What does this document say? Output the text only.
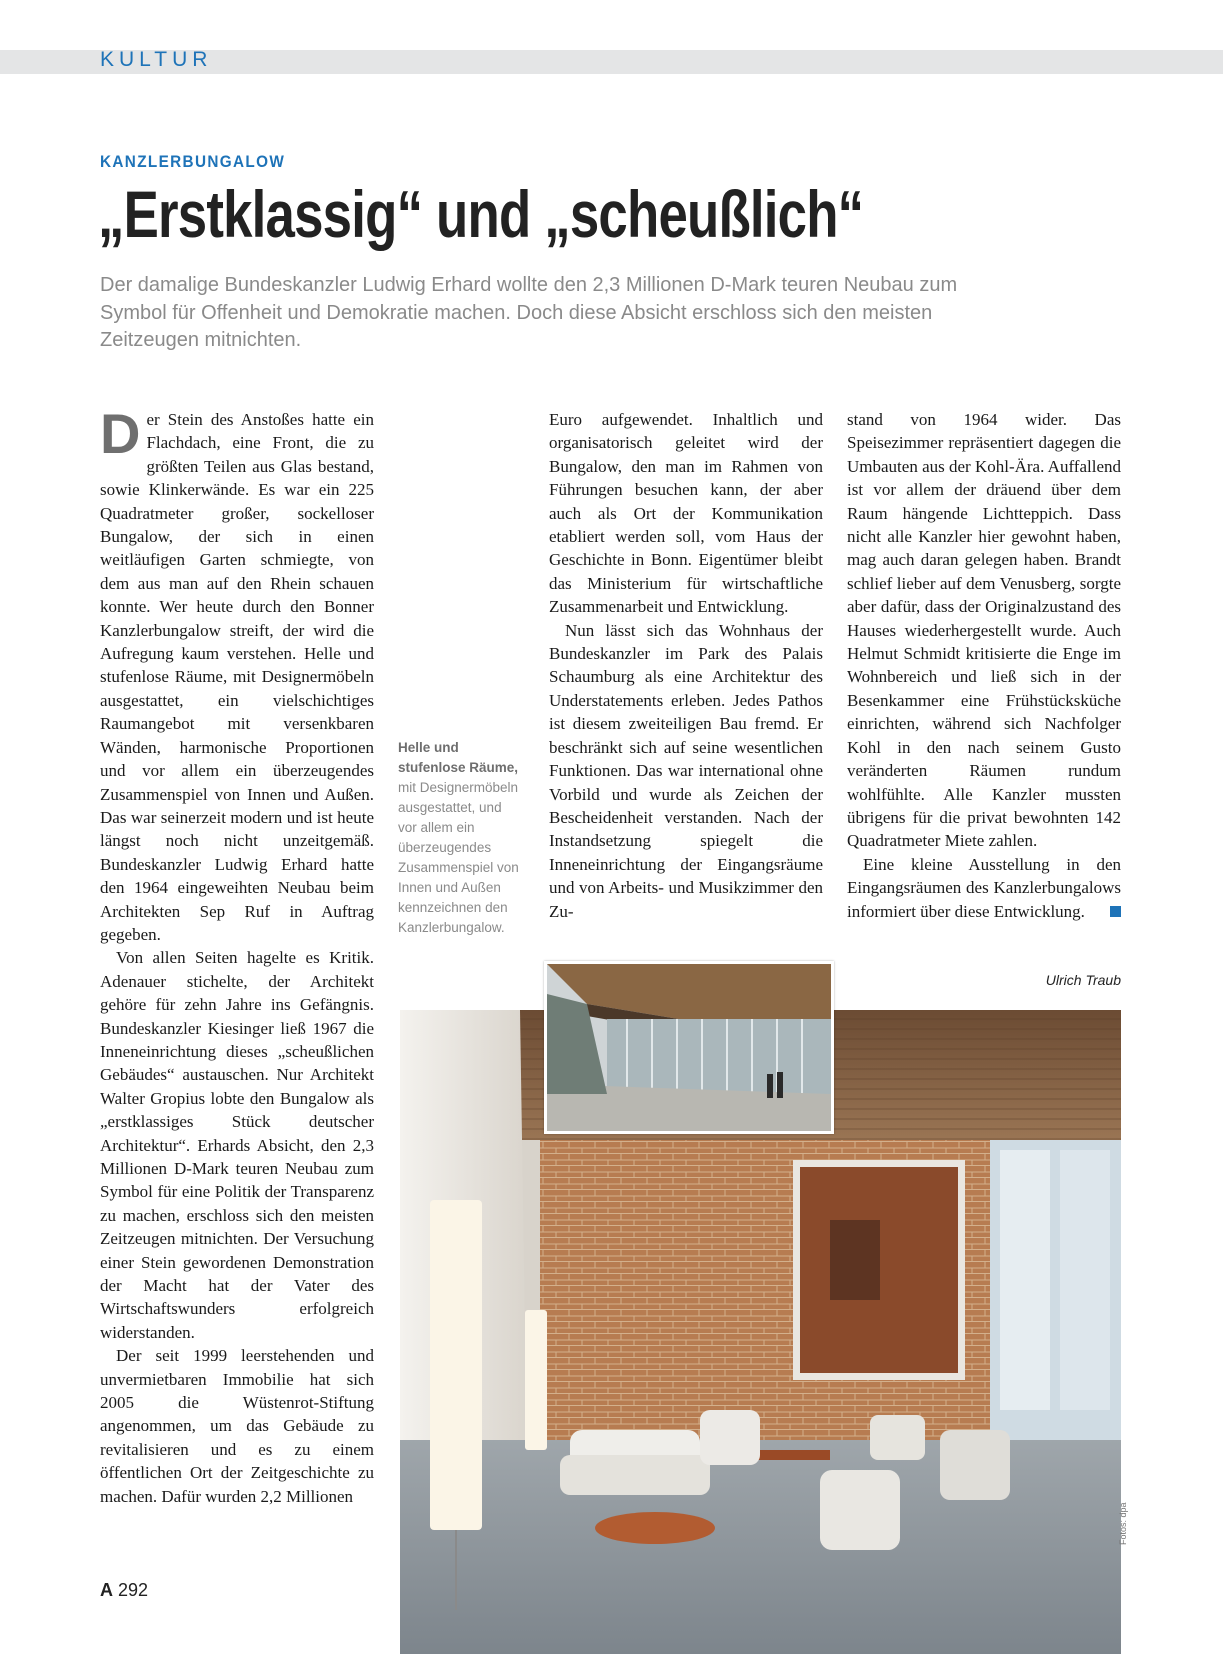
KULTUR
KANZLERBUNGALOW
„Erstklassig“ und „scheußlich“
Der damalige Bundeskanzler Ludwig Erhard wollte den 2,3 Millionen D-Mark teuren Neubau zum Symbol für Offenheit und Demokratie machen. Doch diese Absicht erschloss sich den meisten Zeitzeugen mitnichten.

Der Stein des Anstoßes hatte ein Flachdach, eine Front, die zu größten Teilen aus Glas bestand, sowie Klinkerwände. Es war ein 225 Quadratmeter großer, sockelloser Bungalow, der sich in einen weitläufigen Garten schmiegte, von dem aus man auf den Rhein schauen konnte. Wer heute durch den Bonner Kanzlerbungalow streift, der wird die Aufregung kaum verstehen. Helle und stufenlose Räume, mit Designermöbeln ausgestattet, ein vielschichtiges Raumangebot mit versenkbaren Wänden, harmonische Proportionen und vor allem ein überzeugendes Zusammenspiel von Innen und Außen. Das war seinerzeit modern und ist heute längst noch nicht unzeitgemäß. Bundeskanzler Ludwig Erhard hatte den 1964 eingeweihten Neubau beim Architekten Sep Ruf in Auftrag gegeben.

Von allen Seiten hagelte es Kritik. Adenauer stichelte, der Architekt gehöre für zehn Jahre ins Gefängnis. Bundeskanzler Kiesinger ließ 1967 die Inneneinrichtung dieses „scheußlichen Gebäudes“ austauschen. Nur Architekt Walter Gropius lobte den Bungalow als „erstklassiges Stück deutscher Architektur“. Erhards Absicht, den 2,3 Millionen D-Mark teuren Neubau zum Symbol für eine Politik der Transparenz zu machen, erschloss sich den meisten Zeitzeugen mitnichten. Der Versuchung einer Stein gewordenen Demonstration der Macht hat der Vater des Wirtschaftswunders erfolgreich widerstanden.

Der seit 1999 leerstehenden und unvermietbaren Immobilie hat sich 2005 die Wüstenrot-Stiftung angenommen, um das Gebäude zu revitalisieren und es zu einem öffentlichen Ort der Zeitgeschichte zu machen. Dafür wurden 2,2 Millionen

Helle und stufenlose Räume, mit Designermöbeln ausgestattet, und vor allem ein überzeugendes Zusammenspiel von Innen und Außen kennzeichnen den Kanzlerbungalow.

Euro aufgewendet. Inhaltlich und organisatorisch geleitet wird der Bungalow, den man im Rahmen von Führungen besuchen kann, der aber auch als Ort der Kommunikation etabliert werden soll, vom Haus der Geschichte in Bonn. Eigentümer bleibt das Ministerium für wirtschaftliche Zusammenarbeit und Entwicklung.

Nun lässt sich das Wohnhaus der Bundeskanzler im Park des Palais Schaumburg als eine Architektur des Understatements erleben. Jedes Pathos ist diesem zweiteiligen Bau fremd. Er beschränkt sich auf seine wesentlichen Funktionen. Das war international ohne Vorbild und wurde als Zeichen der Bescheidenheit verstanden. Nach der Instandsetzung spiegelt die Inneneinrichtung der Eingangsräume und von Arbeits- und Musikzimmer den Zu-

stand von 1964 wider. Das Speisezimmer repräsentiert dagegen die Umbauten aus der Kohl-Ära. Auffallend ist vor allem der dräuend über dem Raum hängende Lichtteppich. Dass nicht alle Kanzler hier gewohnt haben, mag auch daran gelegen haben. Brandt schlief lieber auf dem Venusberg, sorgte aber dafür, dass der Originalzustand des Hauses wiederhergestellt wurde. Auch Helmut Schmidt kritisierte die Enge im Wohnbereich und ließ sich in der Besenkammer eine Frühstücksküche einrichten, während sich Nachfolger Kohl in den nach seinem Gusto veränderten Räumen rundum wohlfühlte. Alle Kanzler mussten übrigens für die privat bewohnten 142 Quadratmeter Miete zahlen.

Eine kleine Ausstellung in den Eingangsräumen des Kanzlerbungalows informiert über diese Entwicklung.

Ulrich Traub
Fotos: dpa
A 292
